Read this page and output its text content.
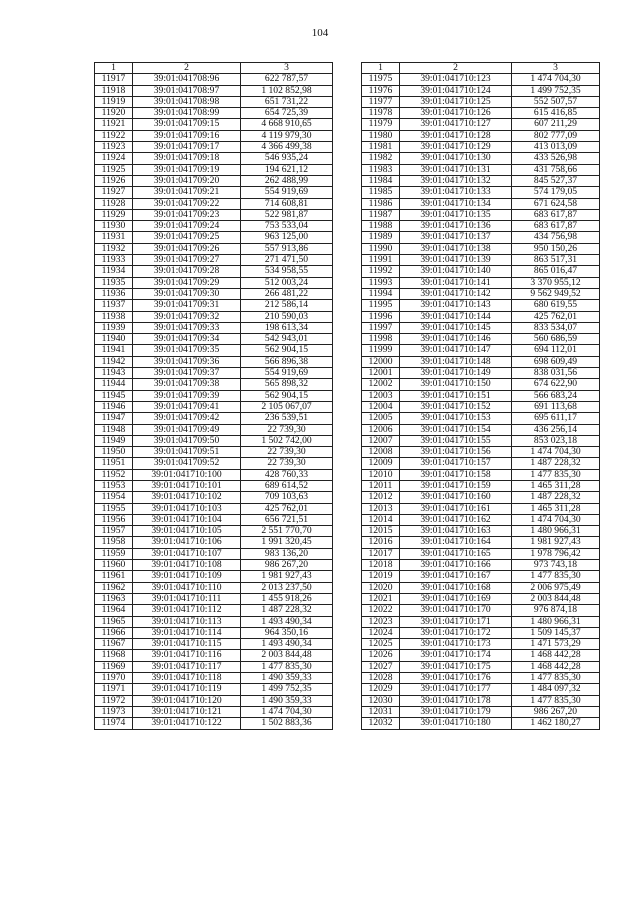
104
1	2	3
11917	39:01:041708:96	622 787,57
11918	39:01:041708:97	1 102 852,98
11919	39:01:041708:98	651 731,22
11920	39:01:041708:99	654 725,39
11921	39:01:041709:15	4 668 910,65
11922	39:01:041709:16	4 119 979,30
11923	39:01:041709:17	4 366 499,38
11924	39:01:041709:18	546 935,24
11925	39:01:041709:19	194 621,12
11926	39:01:041709:20	262 488,99
11927	39:01:041709:21	554 919,69
11928	39:01:041709:22	714 608,81
11929	39:01:041709:23	522 981,87
11930	39:01:041709:24	753 533,04
11931	39:01:041709:25	963 125,00
11932	39:01:041709:26	557 913,86
11933	39:01:041709:27	271 471,50
11934	39:01:041709:28	534 958,55
11935	39:01:041709:29	512 003,24
11936	39:01:041709:30	266 481,22
11937	39:01:041709:31	212 586,14
11938	39:01:041709:32	210 590,03
11939	39:01:041709:33	198 613,34
11940	39:01:041709:34	542 943,01
11941	39:01:041709:35	562 904,15
11942	39:01:041709:36	566 896,38
11943	39:01:041709:37	554 919,69
11944	39:01:041709:38	565 898,32
11945	39:01:041709:39	562 904,15
11946	39:01:041709:41	2 105 067,07
11947	39:01:041709:42	236 539,51
11948	39:01:041709:49	22 739,30
11949	39:01:041709:50	1 502 742,00
11950	39:01:041709:51	22 739,30
11951	39:01:041709:52	22 739,30
11952	39:01:041710:100	428 760,33
11953	39:01:041710:101	689 614,52
11954	39:01:041710:102	709 103,63
11955	39:01:041710:103	425 762,01
11956	39:01:041710:104	656 721,51
11957	39:01:041710:105	2 551 770,70
11958	39:01:041710:106	1 991 320,45
11959	39:01:041710:107	983 136,20
11960	39:01:041710:108	986 267,20
11961	39:01:041710:109	1 981 927,43
11962	39:01:041710:110	2 013 237,50
11963	39:01:041710:111	1 455 918,26
11964	39:01:041710:112	1 487 228,32
11965	39:01:041710:113	1 493 490,34
11966	39:01:041710:114	964 350,16
11967	39:01:041710:115	1 493 490,34
11968	39:01:041710:116	2 003 844,48
11969	39:01:041710:117	1 477 835,30
11970	39:01:041710:118	1 490 359,33
11971	39:01:041710:119	1 499 752,35
11972	39:01:041710:120	1 490 359,33
11973	39:01:041710:121	1 474 704,30
11974	39:01:041710:122	1 502 883,36
1	2	3
11975	39:01:041710:123	1 474 704,30
11976	39:01:041710:124	1 499 752,35
11977	39:01:041710:125	552 507,57
11978	39:01:041710:126	615 416,85
11979	39:01:041710:127	607 211,29
11980	39:01:041710:128	802 777,09
11981	39:01:041710:129	413 013,09
11982	39:01:041710:130	433 526,98
11983	39:01:041710:131	431 758,66
11984	39:01:041710:132	845 527,37
11985	39:01:041710:133	574 179,05
11986	39:01:041710:134	671 624,58
11987	39:01:041710:135	683 617,87
11988	39:01:041710:136	683 617,87
11989	39:01:041710:137	434 756,98
11990	39:01:041710:138	950 150,26
11991	39:01:041710:139	863 517,31
11992	39:01:041710:140	865 016,47
11993	39:01:041710:141	3 370 955,12
11994	39:01:041710:142	9 562 949,52
11995	39:01:041710:143	680 619,55
11996	39:01:041710:144	425 762,01
11997	39:01:041710:145	833 534,07
11998	39:01:041710:146	560 686,59
11999	39:01:041710:147	694 112,01
12000	39:01:041710:148	698 609,49
12001	39:01:041710:149	838 031,56
12002	39:01:041710:150	674 622,90
12003	39:01:041710:151	566 683,24
12004	39:01:041710:152	691 113,68
12005	39:01:041710:153	695 611,17
12006	39:01:041710:154	436 256,14
12007	39:01:041710:155	853 023,18
12008	39:01:041710:156	1 474 704,30
12009	39:01:041710:157	1 487 228,32
12010	39:01:041710:158	1 477 835,30
12011	39:01:041710:159	1 465 311,28
12012	39:01:041710:160	1 487 228,32
12013	39:01:041710:161	1 465 311,28
12014	39:01:041710:162	1 474 704,30
12015	39:01:041710:163	1 480 966,31
12016	39:01:041710:164	1 981 927,43
12017	39:01:041710:165	1 978 796,42
12018	39:01:041710:166	973 743,18
12019	39:01:041710:167	1 477 835,30
12020	39:01:041710:168	2 006 975,49
12021	39:01:041710:169	2 003 844,48
12022	39:01:041710:170	976 874,18
12023	39:01:041710:171	1 480 966,31
12024	39:01:041710:172	1 509 145,37
12025	39:01:041710:173	1 471 573,29
12026	39:01:041710:174	1 468 442,28
12027	39:01:041710:175	1 468 442,28
12028	39:01:041710:176	1 477 835,30
12029	39:01:041710:177	1 484 097,32
12030	39:01:041710:178	1 477 835,30
12031	39:01:041710:179	986 267,20
12032	39:01:041710:180	1 462 180,27
